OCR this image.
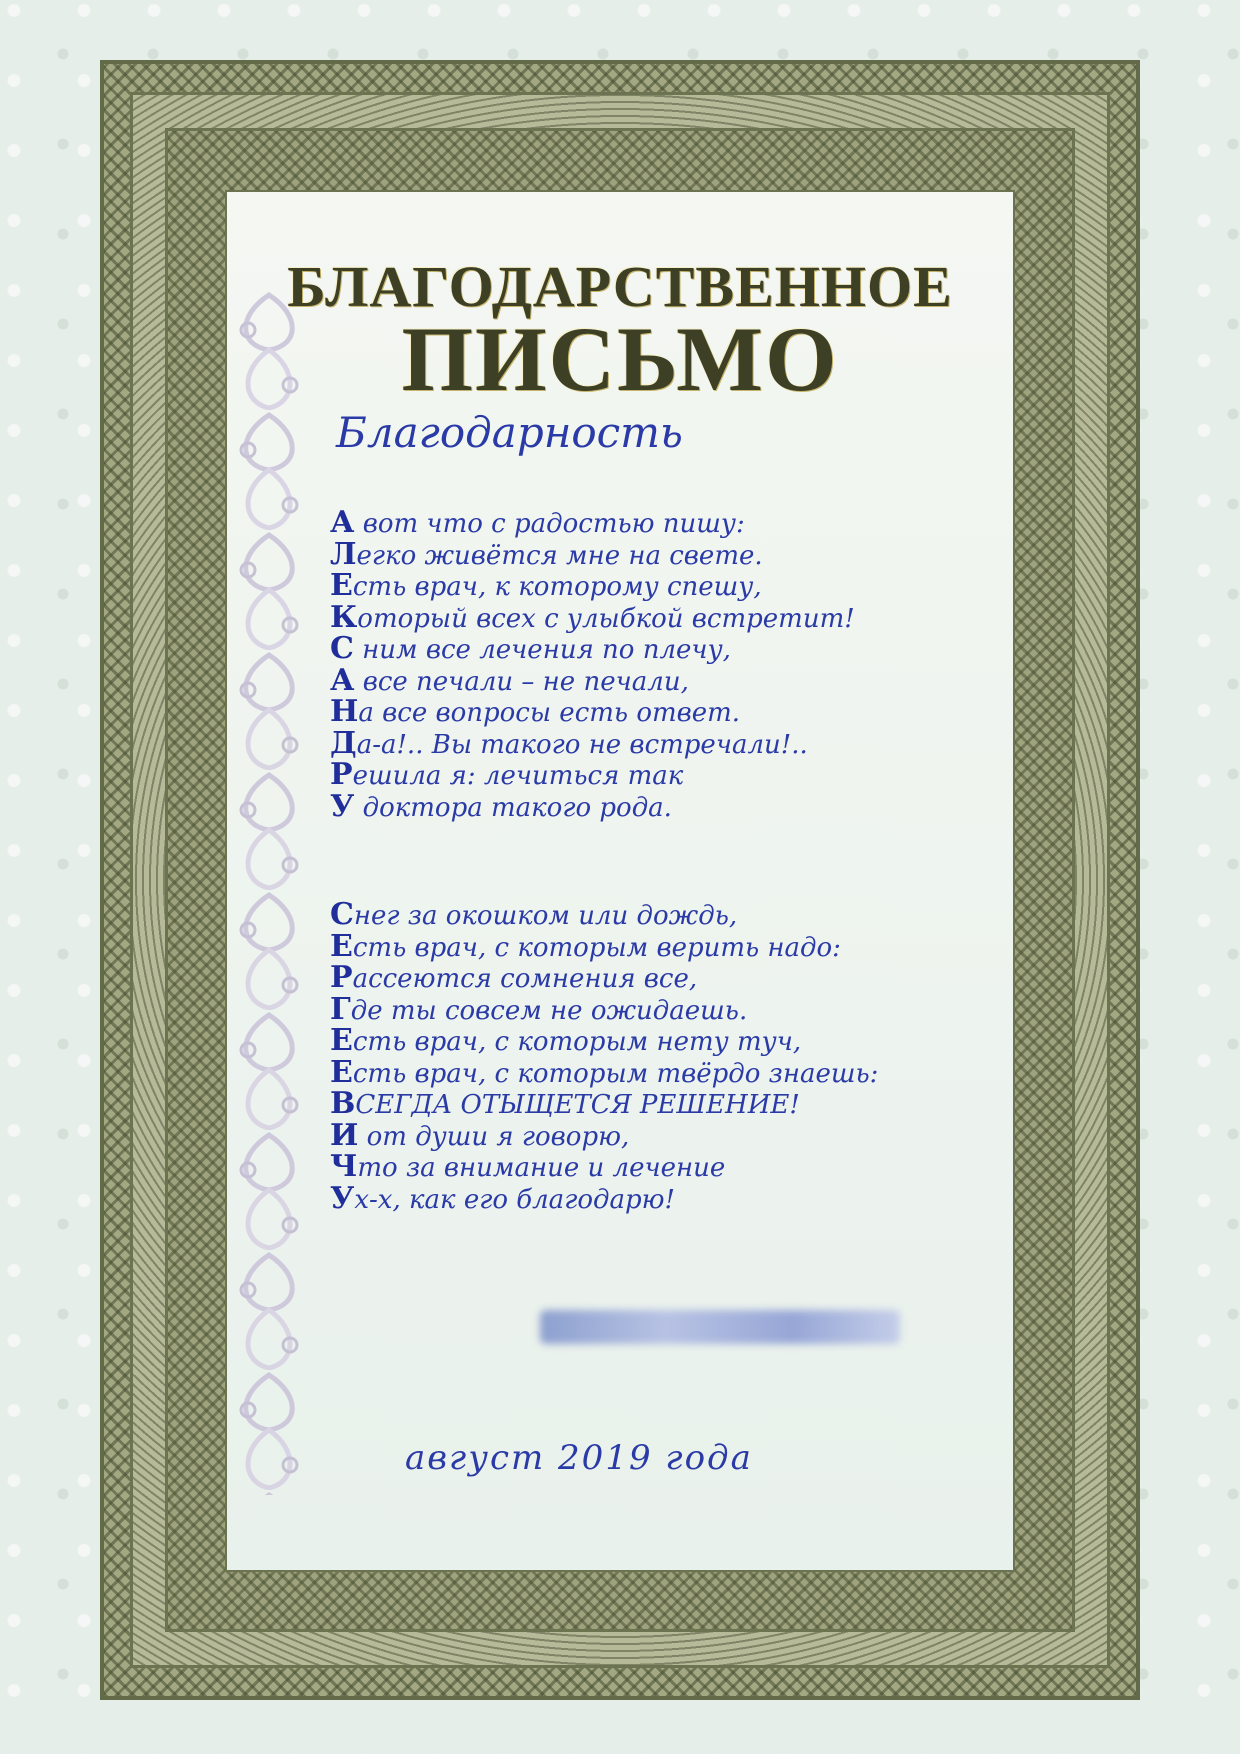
БЛАГОДАРСТВЕННОЕ
ПИСЬМО
Благодарность
А вот что с радостью пишу:
Легко живётся мне на свете.
Есть врач, к которому спешу,
Который всех с улыбкой встретит!
С ним все лечения по плечу,
А все печали – не печали,
На все вопросы есть ответ.
Да-а!.. Вы такого не встречали!..
Решила я: лечиться так
У доктора такого рода.
Снег за окошком или дождь,
Есть врач, с которым верить надо:
Рассеются сомнения все,
Где ты совсем не ожидаешь.
Есть врач, с которым нету туч,
Есть врач, с которым твёрдо знаешь:
ВСЕГДА ОТЫЩЕТСЯ РЕШЕНИЕ!
И от души я говорю,
Что за внимание и лечение
Ух-х, как его благодарю!
август 2019 года
